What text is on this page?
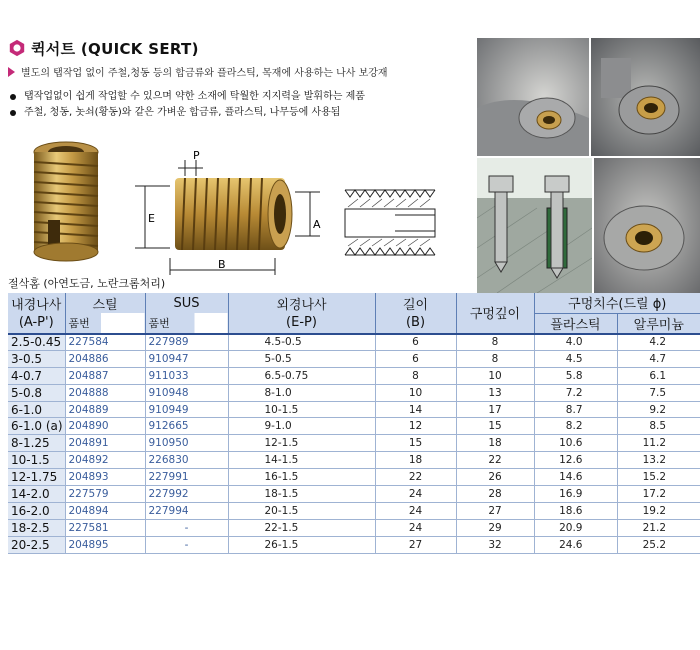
퀵서트 (QUICK SERT)
별도의 탭작업 없이 주철,청동 등의 합금류와 플라스틱, 목재에 사용하는 나사 보강재
탭작업없이 쉽게 작업할 수 있으며 약한 소재에 탁월한 지지력을 발휘하는 제품
주철, 청동, 놋쇠(황동)와 같은 가벼운 합금류, 플라스틱, 나무등에 사용됨
E
B
A
P
절삭홈 (아연도금, 노란크롬처리)
내경나사	스틸	SUS	외경나사	길이	구멍깊이	구멍치수(드릴 ϕ)	
(A-P')	품번	품번	(E-P)	(B)		플라스틱	알루미늄
2.5-0.45	227584	227989	4.5-0.5	6	8	4.0	4.2
3-0.5	204886	910947	5-0.5	6	8	4.5	4.7
4-0.7	204887	911033	6.5-0.75	8	10	5.8	6.1
5-0.8	204888	910948	8-1.0	10	13	7.2	7.5
6-1.0	204889	910949	10-1.5	14	17	8.7	9.2
6-1.0 (a)	204890	912665	9-1.0	12	15	8.2	8.5
8-1.25	204891	910950	12-1.5	15	18	10.6	11.2
10-1.5	204892	226830	14-1.5	18	22	12.6	13.2
12-1.75	204893	227991	16-1.5	22	26	14.6	15.2
14-2.0	227579	227992	18-1.5	24	28	16.9	17.2
16-2.0	204894	227994	20-1.5	24	27	18.6	19.2
18-2.5	227581	-	22-1.5	24	29	20.9	21.2
20-2.5	204895	-	26-1.5	27	32	24.6	25.2
